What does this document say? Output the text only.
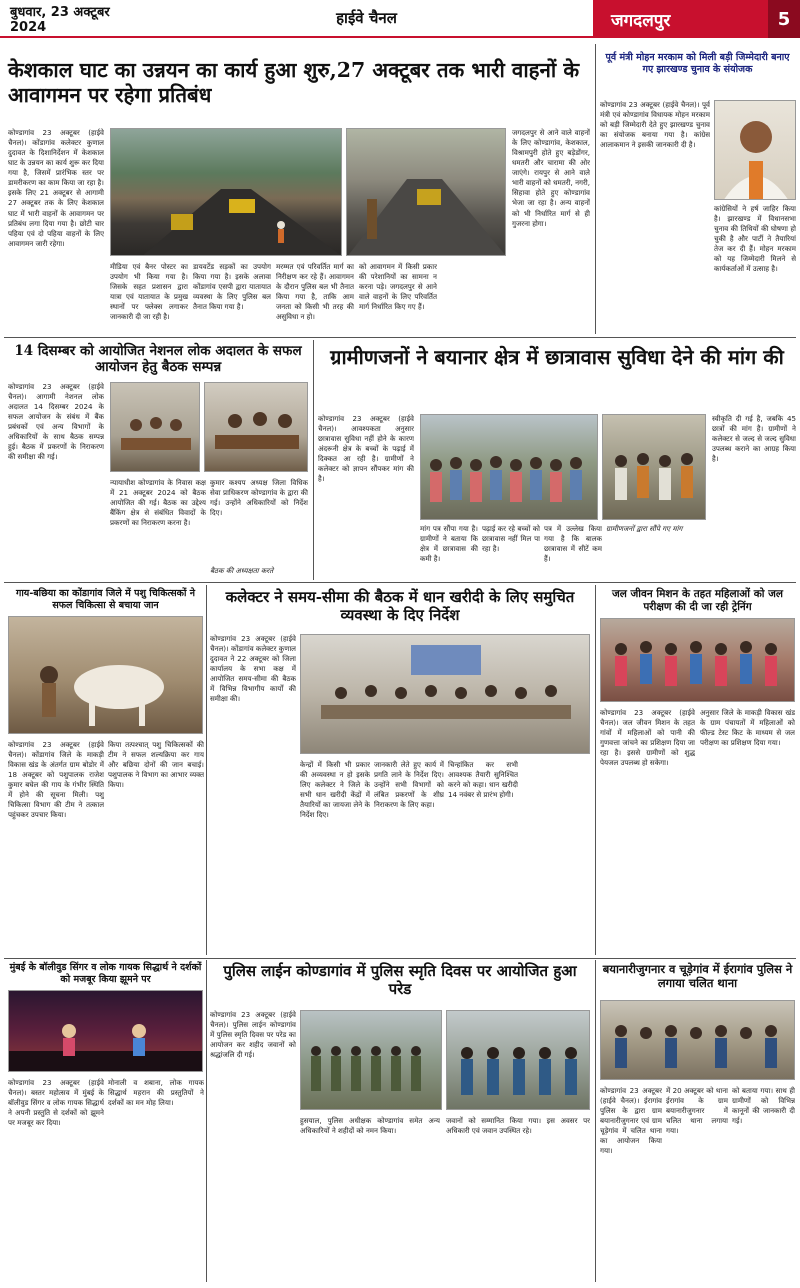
बुधवार, 23 अक्टूबर 2024	हाईवे चैनल	जगदलपुर	5
केशकाल घाट का उन्नयन का कार्य हुआ शुरु,27 अक्टूबर तक भारी वाहनों के आवागमन पर रहेगा प्रतिबंध
कोण्डागांव 23 अक्टूबर (हाईवे चैनल)। कोंडागांव कलेक्टर कुणाल दुदावत के दिशानिर्देशन में केशकाल घाट के उन्नयन का कार्य शुरू कर दिया गया है, जिसमें प्रारंभिक स्तर पर डामरीकरण का काम किया जा रहा है। इसके लिए 21 अक्टूबर से आगामी 27 अक्टूबर तक के लिए केशकाल घाट में भारी वाहनों के आवागमन पर प्रतिबंध लगा दिया गया है। छोटी चार पहिया एवं दो पहिया वाहनों के लिए आवागमन जारी रहेगा।
मीडिया एवं बैनर पोस्टर का उपयोग भी किया गया है। जिसके सहत प्रशासन द्वारा यात्रा एवं यातायात के प्रमुख स्थानों पर फ्लेक्स लगाकर जानकारी दी जा रही है।
डायवर्टेड सड़कों का उपयोग किया गया है। इसके अलावा कोंडागांव एसपी द्वारा यातायात व्यवस्था के लिए पुलिस बल तैनात किया गया है।
मरम्मत एवं परिवर्तित मार्ग का निरीक्षण कर रहे हैं। आवागमन के दौरान पुलिस बल भी तैनात किया गया है, ताकि आम जनता को किसी भी तरह की असुविधा न हो।
को आवागमन में किसी प्रकार की परेशानियों का सामना न करना पड़े। जगदलपुर से आने वाले वाहनों के लिए परिवर्तित मार्ग निर्धारित किए गए हैं।
जगदलपुर से आने वाले वाहनों के लिए कोण्डागांव, केशकाल, विश्रामपुरी होते हुए बड़ेडोंगर, धमतरी और चारामा की ओर जाएंगे। रायपुर से आने वाले भारी वाहनों को धमतरी, नगरी, सिहावा होते हुए कोण्डागांव भेजा जा रहा है। अन्य वाहनों को भी निर्धारित मार्ग से ही गुजरना होगा।
पूर्व मंत्री मोहन मरकाम को मिली बड़ी जिम्मेदारी बनाए गए झारखण्ड चुनाव के संयोजक
कोण्डागांव 23 अक्टूबर (हाईवे चैनल)। पूर्व मंत्री एवं कोण्डागांव विधायक मोहन मरकाम को बड़ी जिम्मेदारी देते हुए झारखण्ड चुनाव का संयोजक बनाया गया है। कांग्रेस आलाकमान ने इसकी जानकारी दी है।
कांग्रेसियों ने हर्ष जाहिर किया है। झारखण्ड में विधानसभा चुनाव की तिथियों की घोषणा हो चुकी है और पार्टी ने तैयारियां तेज कर दी हैं। मोहन मरकाम को यह जिम्मेदारी मिलने से कार्यकर्ताओं में उत्साह है।
14 दिसम्बर को आयोजित नेशनल लोक अदालत के सफल आयोजन हेतु बैठक सम्पन्न
कोण्डागांव 23 अक्टूबर (हाईवे चैनल)। आगामी नेशनल लोक अदालत 14 दिसम्बर 2024 के सफल आयोजन के संबंध में बैंक प्रबंधकों एवं अन्य विभागों के अधिकारियों के साथ बैठक सम्पन्न हुई। बैठक में प्रकरणों के निराकरण की समीक्षा की गई।
न्यायाधीश कोण्डागांव के निवास कक्ष में 21 अक्टूबर 2024 को बैठक आयोजित की गई। बैठक का उद्देश्य बैंकिंग क्षेत्र से संबंधित विवादों के प्रकरणों का निराकरण करना है।
कुमार कश्यप अध्यक्ष जिला विधिक सेवा प्राधिकरण कोण्डागांव के द्वारा की गई। उन्होंने अधिकारियों को निर्देश दिए।
बैठक की अध्यक्षता करते
ग्रामीणजनों ने बयानार क्षेत्र में छात्रावास सुविधा देने की मांग की
कोण्डागांव 23 अक्टूबर (हाईवे चैनल)। आवश्यकता अनुसार छात्रावास सुविधा नहीं होने के कारण अंदरूनी क्षेत्र के बच्चों के पढ़ाई में दिक्कत आ रही है। ग्रामीणों ने कलेक्टर को ज्ञापन सौंपकर मांग की है।
मांग पत्र सौंपा गया है। ग्रामीणों ने बताया कि क्षेत्र में छात्रावास की कमी है।
पढ़ाई कर रहे बच्चों को छात्रावास नहीं मिल पा रहा है।
पत्र में उल्लेख किया गया है कि बालक छात्रावास में सीटें कम हैं।
ग्रामीणजनों द्वारा सौंपे गए मांग
स्वीकृति दी गई है, जबकि 45 छात्रों की मांग है। ग्रामीणों ने कलेक्टर से जल्द से जल्द सुविधा उपलब्ध कराने का आग्रह किया है।
गाय-बछिया का कोंडागांव जिले में पशु चिकित्सकों ने सफल चिकित्सा से बचाया जान
कोण्डागांव 23 अक्टूबर (हाईवे चैनल)। कोंडागांव जिले के माकड़ी विकास खंड के अंतर्गत ग्राम बोडोर में 18 अक्टूबर को पशुपालक राजेश कुमार बघेल की गाय के गंभीर स्थिति में होने की सूचना मिली। पशु चिकित्सा विभाग की टीम ने तत्काल पहुंचकर उपचार किया।
किया तत्पश्चात् पशु चिकित्सकों की टीम ने सफल शल्यक्रिया कर गाय और बछिया दोनों की जान बचाई। पशुपालक ने विभाग का आभार व्यक्त किया।
कलेक्टर ने समय-सीमा की बैठक में धान खरीदी के लिए समुचित व्यवस्था के दिए निर्देश
कोण्डागांव 23 अक्टूबर (हाईवे चैनल)। कोंडागांव कलेक्टर कुणाल दुदावत ने 22 अक्टूबर को जिला कार्यालय के सभा कक्ष में आयोजित समय-सीमा की बैठक में विभिन्न विभागीय कार्यों की समीक्षा की।
केन्द्रों में किसी भी प्रकार की अव्यवस्था न हो इसके लिए कलेक्टर ने जिले के सभी धान खरीदी केंद्रों में तैयारियों का जायजा लेने के निर्देश दिए।
जानकारी लेते हुए कार्य में प्रगति लाने के निर्देश दिए। उन्होंने सभी विभागों को लंबित प्रकरणों के शीघ्र निराकरण के लिए कहा।
चिन्हांकित कर सभी आवश्यक तैयारी सुनिश्चित करने को कहा। धान खरीदी 14 नवंबर से प्रारंभ होगी।
जल जीवन मिशन के तहत महिलाओं को जल परीक्षण की दी जा रही ट्रेनिंग
कोण्डागांव 23 अक्टूबर (हाईवे चैनल)। जल जीवन मिशन के तहत गांवों में महिलाओं को पानी की गुणवत्ता जांचने का प्रशिक्षण दिया जा रहा है। इससे ग्रामीणों को शुद्ध पेयजल उपलब्ध हो सकेगा।
अनुसार जिले के माकड़ी विकास खंड के ग्राम पंचायतों में महिलाओं को फील्ड टेस्ट किट के माध्यम से जल परीक्षण का प्रशिक्षण दिया गया।
मुंबई के बॉलीवुड सिंगर व लोक गायक सिद्धार्थ ने दर्शकों को मजबूर किया झूमने पर
कोण्डागांव 23 अक्टूबर (हाईवे चैनल)। बस्तर महोत्सव में मुंबई के बॉलीवुड सिंगर व लोक गायक सिद्धार्थ ने अपनी प्रस्तुति से दर्शकों को झूमने पर मजबूर कर दिया।
मोनाली व शबाना, लोक गायक सिद्धार्थ महरान की प्रस्तुतियों ने दर्शकों का मन मोह लिया।
पुलिस लाईन कोण्डागांव में पुलिस स्मृति दिवस पर आयोजित हुआ परेड
कोण्डागांव 23 अक्टूबर (हाईवे चैनल)। पुलिस लाईन कोण्डागांव में पुलिस स्मृति दिवस पर परेड का आयोजन कर शहीद जवानों को श्रद्धांजलि दी गई।
हुसयाल, पुलिस अधीक्षक कोण्डागांव समेत अन्य अधिकारियों ने शहीदों को नमन किया।
जवानों को सम्मानित किया गया। इस अवसर पर अधिकारी एवं जवान उपस्थित रहे।
बयानारीजुगनार व चूड़ेगांव में ईरागांव पुलिस ने लगाया चलित थाना
कोण्डागांव 23 अक्टूबर (हाईवे चैनल)। ईरागांव पुलिस के द्वारा ग्राम बयानारीजुगनार एवं ग्राम चूड़ेगांव में चलित थाना का आयोजन किया गया।
में 20 अक्टूबर को थाना ईरागांव के ग्राम बयानारीजुगनार में चलित थाना लगाया गया।
को बताया गया। साथ ही ग्रामीणों को विभिन्न कानूनों की जानकारी दी गई।
